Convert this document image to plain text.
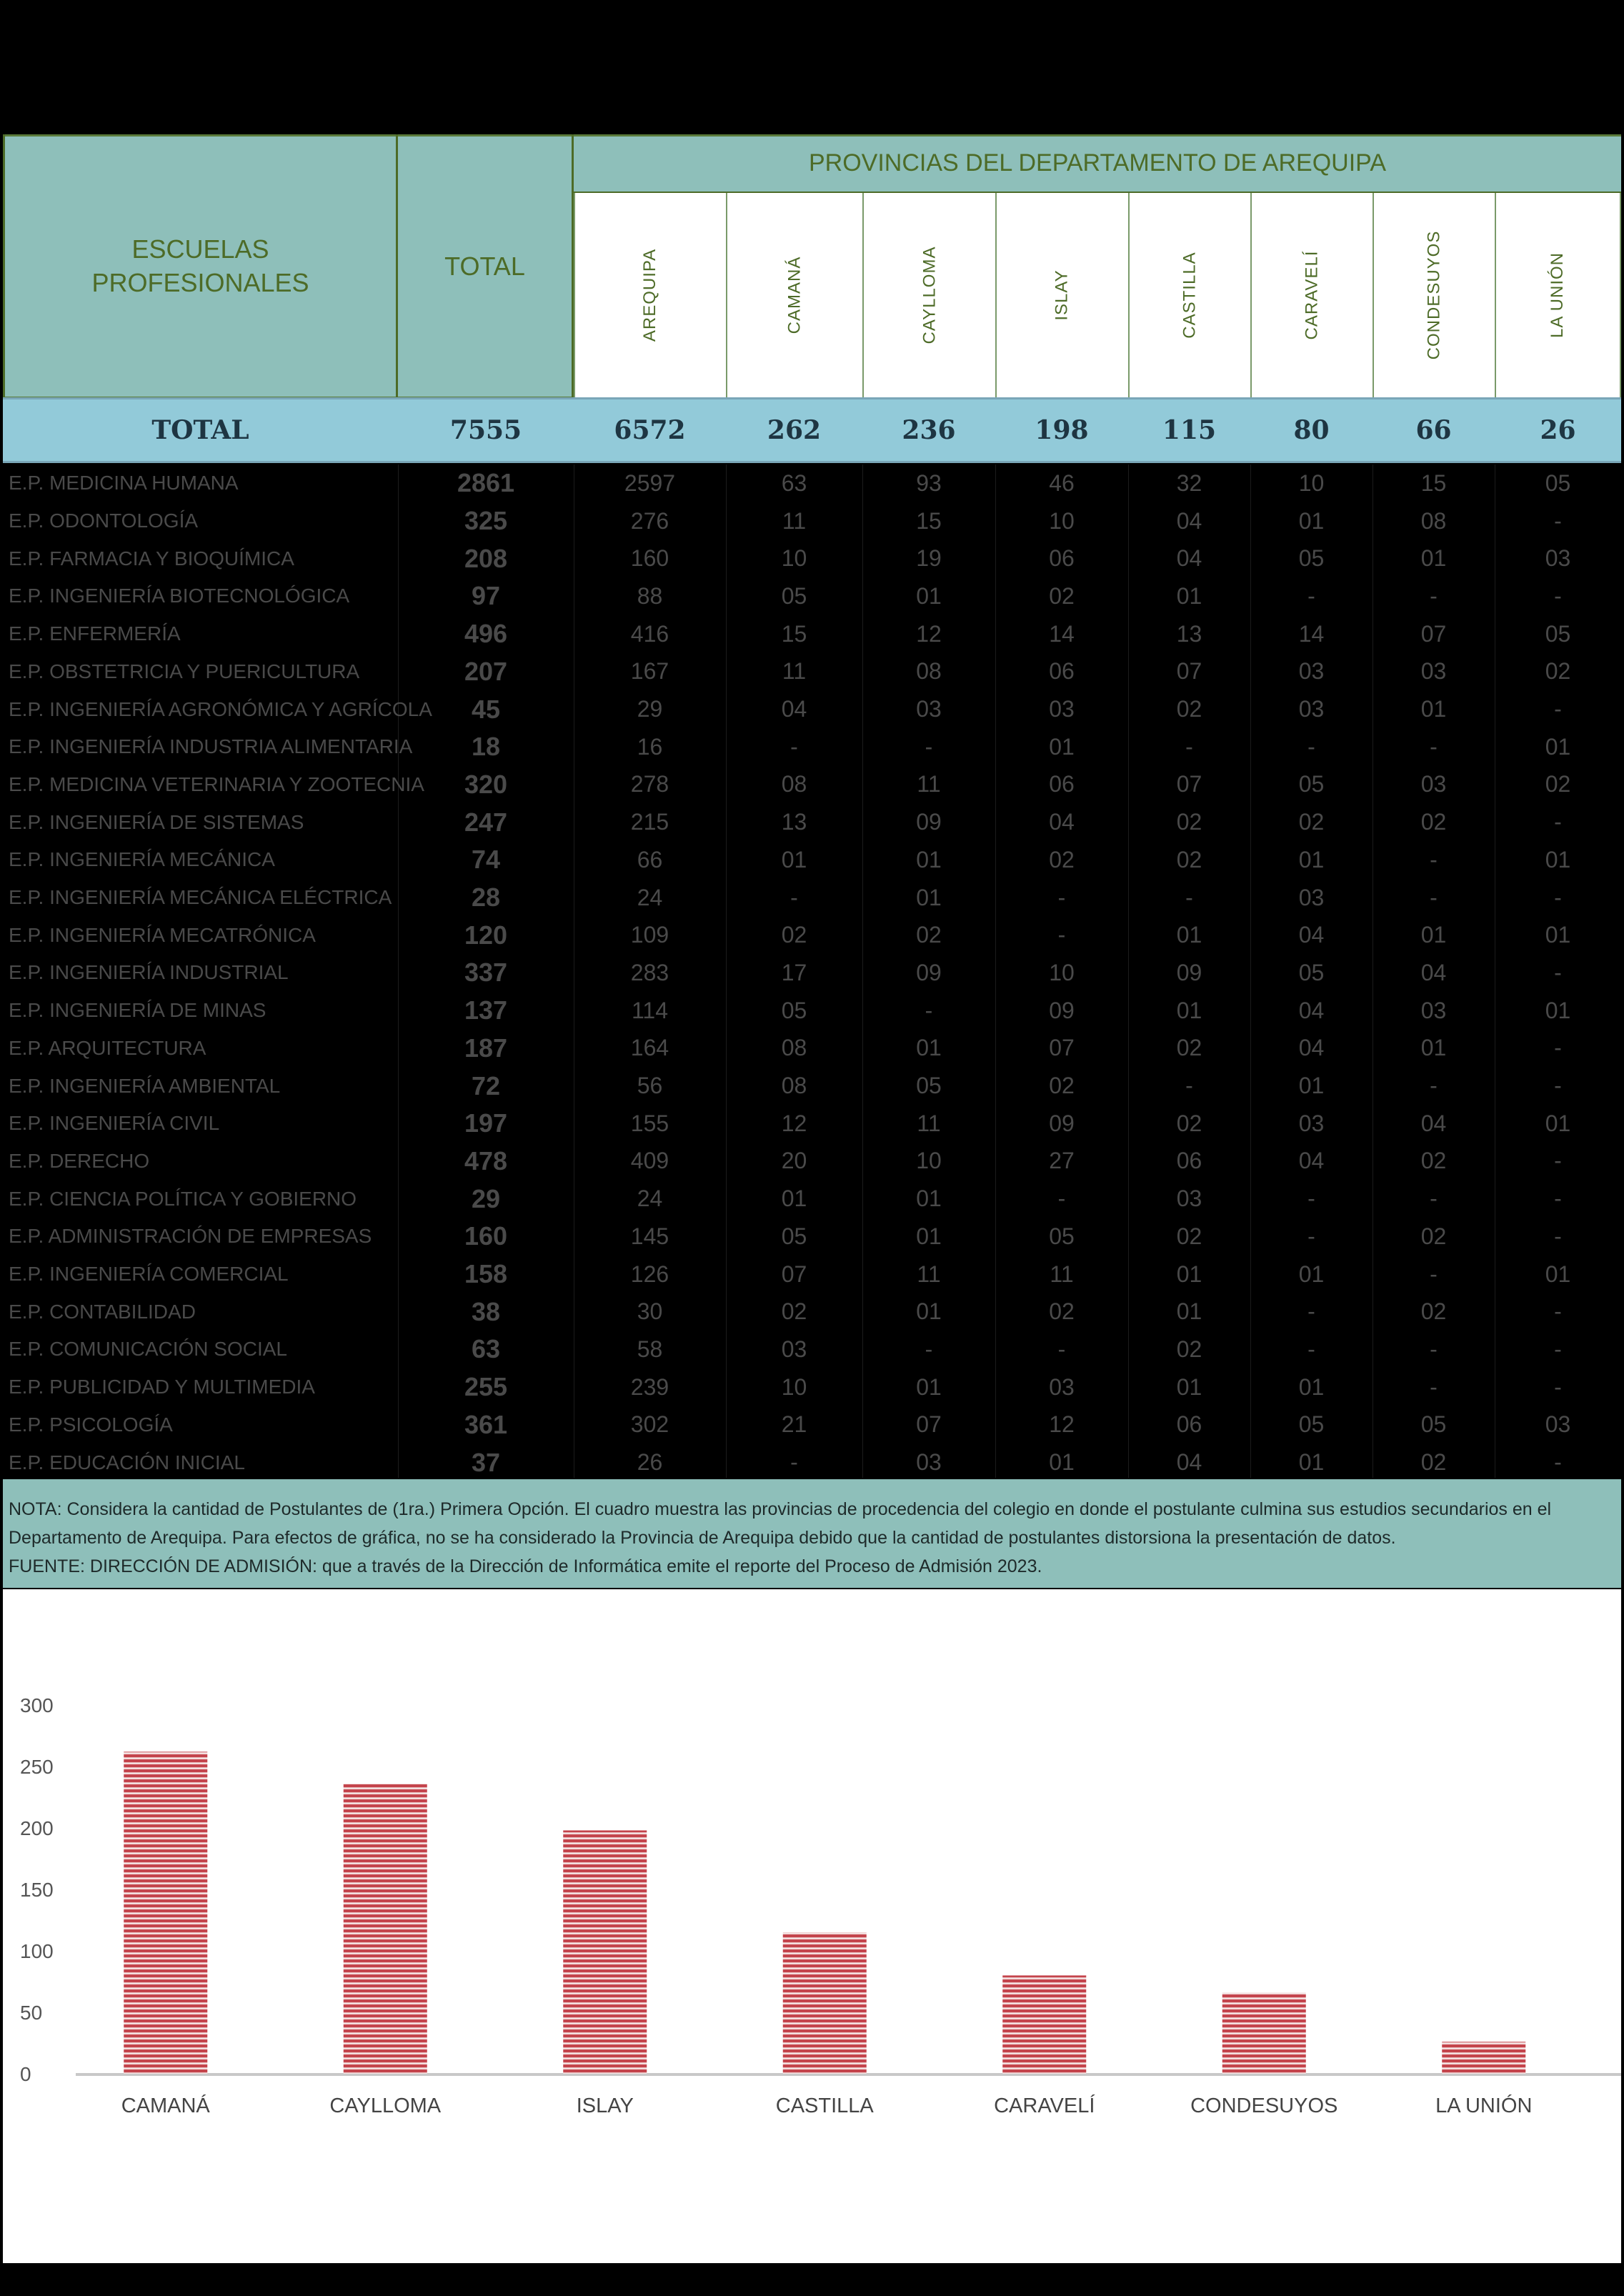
ESCUELAS
PROFESIONALES
TOTAL
PROVINCIAS DEL DEPARTAMENTO DE AREQUIPA
AREQUIPA	CAMANÁ	CAYLLOMA	ISLAY	CASTILLA	CARAVELÍ	CONDESUYOS	LA UNIÓN
TOTAL	7555	6572	262	236	198	115	80	66	26
E.P. MEDICINA HUMANA	2861	2597	63	93	46	32	10	15	05
E.P. ODONTOLOGÍA	325	276	11	15	10	04	01	08	-
E.P. FARMACIA Y BIOQUÍMICA	208	160	10	19	06	04	05	01	03
E.P. INGENIERÍA BIOTECNOLÓGICA	97	88	05	01	02	01	-	-	-
E.P. ENFERMERÍA	496	416	15	12	14	13	14	07	05
E.P. OBSTETRICIA Y PUERICULTURA	207	167	11	08	06	07	03	03	02
E.P. INGENIERÍA AGRONÓMICA Y AGRÍCOLA	45	29	04	03	03	02	03	01	-
E.P. INGENIERÍA INDUSTRIA ALIMENTARIA	18	16	-	-	01	-	-	-	01
E.P. MEDICINA VETERINARIA Y ZOOTECNIA	320	278	08	11	06	07	05	03	02
E.P. INGENIERÍA DE SISTEMAS	247	215	13	09	04	02	02	02	-
E.P. INGENIERÍA MECÁNICA	74	66	01	01	02	02	01	-	01
E.P. INGENIERÍA MECÁNICA ELÉCTRICA	28	24	-	01	-	-	03	-	-
E.P. INGENIERÍA MECATRÓNICA	120	109	02	02	-	01	04	01	01
E.P. INGENIERÍA INDUSTRIAL	337	283	17	09	10	09	05	04	-
E.P. INGENIERÍA DE MINAS	137	114	05	-	09	01	04	03	01
E.P. ARQUITECTURA	187	164	08	01	07	02	04	01	-
E.P. INGENIERÍA AMBIENTAL	72	56	08	05	02	-	01	-	-
E.P. INGENIERÍA CIVIL	197	155	12	11	09	02	03	04	01
E.P. DERECHO	478	409	20	10	27	06	04	02	-
E.P. CIENCIA POLÍTICA Y GOBIERNO	29	24	01	01	-	03	-	-	-
E.P. ADMINISTRACIÓN DE EMPRESAS	160	145	05	01	05	02	-	02	-
E.P. INGENIERÍA COMERCIAL	158	126	07	11	11	01	01	-	01
E.P. CONTABILIDAD	38	30	02	01	02	01	-	02	-
E.P. COMUNICACIÓN SOCIAL	63	58	03	-	-	02	-	-	-
E.P. PUBLICIDAD Y MULTIMEDIA	255	239	10	01	03	01	01	-	-
E.P. PSICOLOGÍA	361	302	21	07	12	06	05	05	03
E.P. EDUCACIÓN INICIAL	37	26	-	03	01	04	01	02	-
NOTA: Considera la cantidad de Postulantes de (1ra.) Primera Opción. El cuadro muestra las provincias de procedencia del colegio en donde el postulante culmina sus estudios secundarios en el
Departamento de Arequipa. Para efectos de gráfica, no se ha considerado la Provincia de Arequipa debido que la cantidad de postulantes distorsiona la presentación de datos.
FUENTE: DIRECCIÓN DE ADMISIÓN: que a través de la Dirección de Informática emite el reporte del Proceso de Admisión 2023.
0
50
100
150
200
250
300
CAMANÁ	CAYLLOMA	ISLAY	CASTILLA	CARAVELÍ	CONDESUYOS	LA UNIÓN
